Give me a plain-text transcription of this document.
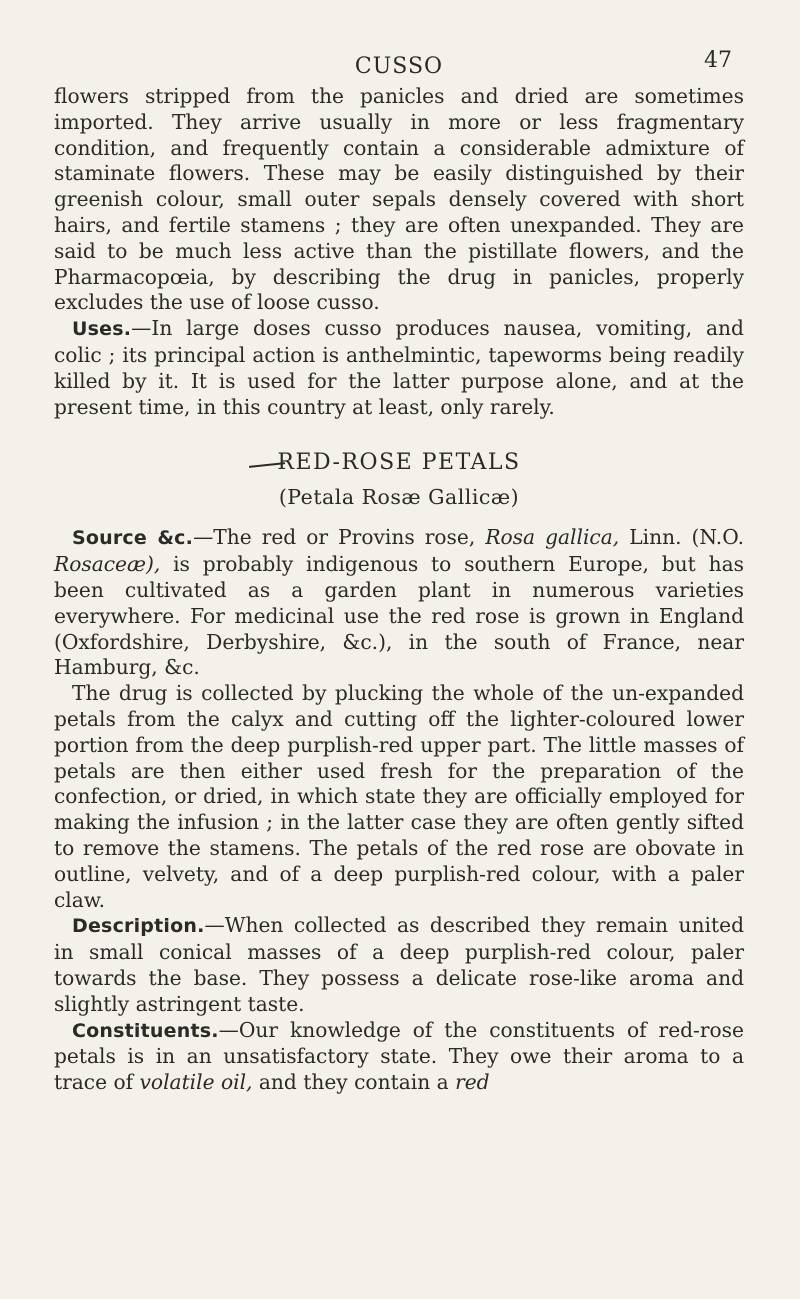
CUSSO	47

flowers stripped from the panicles and dried are sometimes imported. They arrive usually in more or less fragmentary condition, and frequently contain a considerable admixture of staminate flowers. These may be easily distinguished by their greenish colour, small outer sepals densely covered with short hairs, and fertile stamens ; they are often unexpanded. They are said to be much less active than the pistillate flowers, and the Pharmacopœia, by describing the drug in panicles, properly excludes the use of loose cusso.

Uses.—In large doses cusso produces nausea, vomiting, and colic ; its principal action is anthelmintic, tapeworms being readily killed by it. It is used for the latter purpose alone, and at the present time, in this country at least, only rarely.

RED-ROSE PETALS
(Petala Rosæ Gallicæ)

Source &c.—The red or Provins rose, Rosa gallica, Linn. (N.O. Rosaceæ), is probably indigenous to southern Europe, but has been cultivated as a garden plant in numerous varieties everywhere. For medicinal use the red rose is grown in England (Oxfordshire, Derbyshire, &c.), in the south of France, near Hamburg, &c.

The drug is collected by plucking the whole of the un-expanded petals from the calyx and cutting off the lighter-coloured lower portion from the deep purplish-red upper part. The little masses of petals are then either used fresh for the preparation of the confection, or dried, in which state they are officially employed for making the infusion ; in the latter case they are often gently sifted to remove the stamens. The petals of the red rose are obovate in outline, velvety, and of a deep purplish-red colour, with a paler claw.

Description.—When collected as described they remain united in small conical masses of a deep purplish-red colour, paler towards the base. They possess a delicate rose-like aroma and slightly astringent taste.

Constituents.—Our knowledge of the constituents of red-rose petals is in an unsatisfactory state. They owe their aroma to a trace of volatile oil, and they contain a red
